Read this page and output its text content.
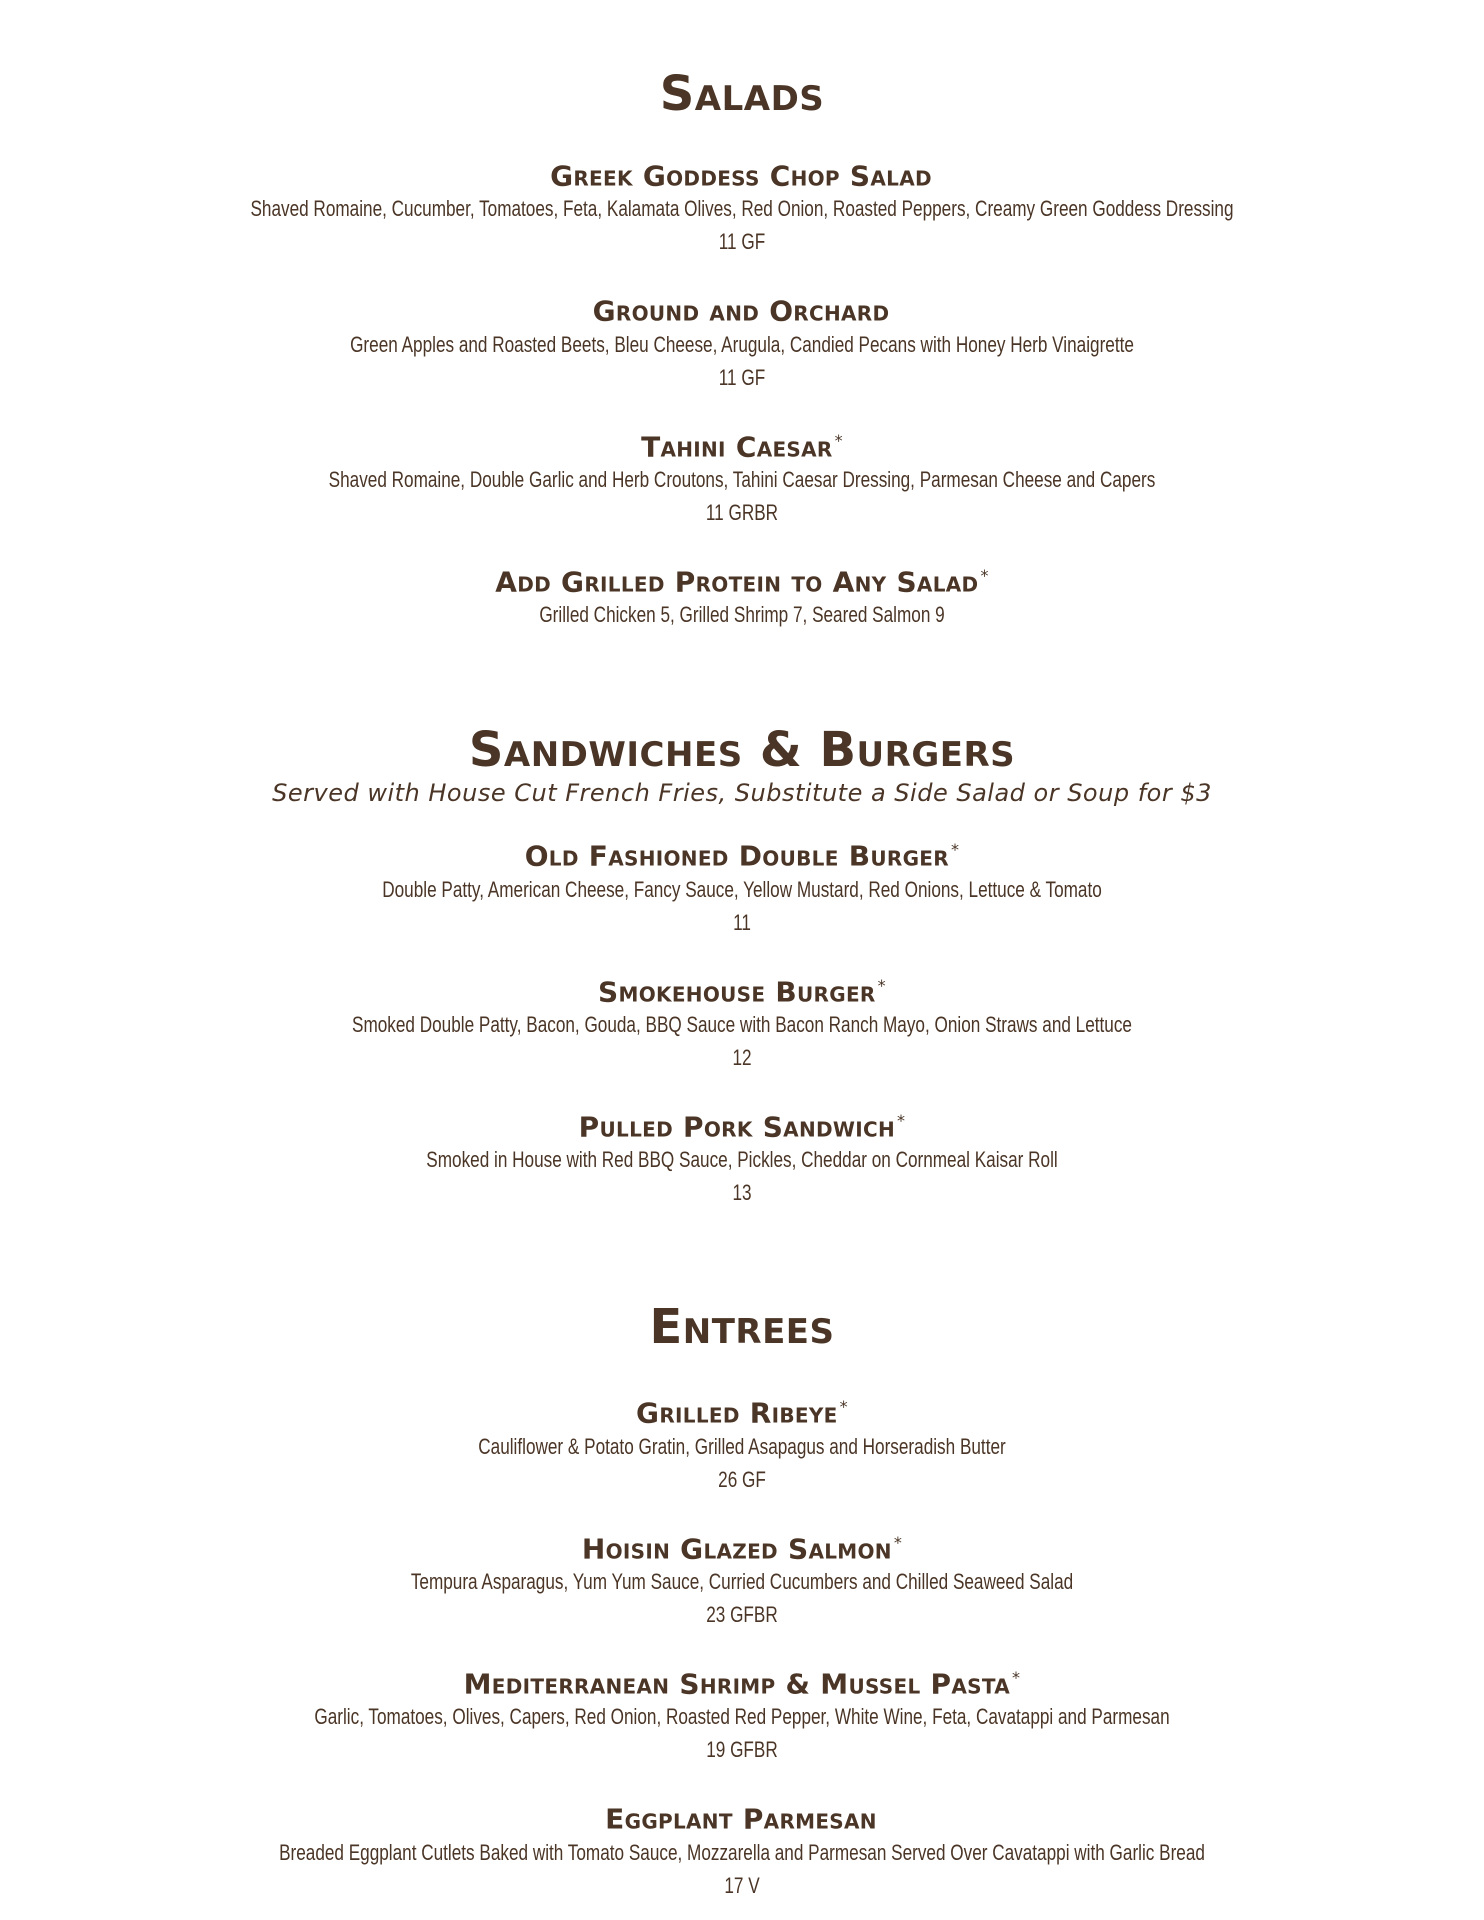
Salads
Greek Goddess Chop Salad

Shaved Romaine, Cucumber, Tomatoes, Feta, Kalamata Olives, Red Onion, Roasted Peppers, Creamy Green Goddess Dressing

11 GF

Ground and Orchard

Green Apples and Roasted Beets, Bleu Cheese, Arugula, Candied Pecans with Honey Herb Vinaigrette

11 GF

Tahini Caesar *

Shaved Romaine, Double Garlic and Herb Croutons, Tahini Caesar Dressing, Parmesan Cheese and Capers

11 GRBR

Add Grilled Protein to Any Salad *

Grilled Chicken 5, Grilled Shrimp 7, Seared Salmon 9

Sandwiches & Burgers

Served with House Cut French Fries, Substitute a Side Salad or Soup for $3

Old Fashioned Double Burger *

Double Patty, American Cheese, Fancy Sauce, Yellow Mustard, Red Onions, Lettuce & Tomato

11

Smokehouse Burger *

Smoked Double Patty, Bacon, Gouda, BBQ Sauce with Bacon Ranch Mayo, Onion Straws and Lettuce

12

Pulled Pork Sandwich *

Smoked in House with Red BBQ Sauce, Pickles, Cheddar on Cornmeal Kaisar Roll

13

Entrees
Grilled Ribeye *

Cauliflower & Potato Gratin, Grilled Asapagus and Horseradish Butter

26 GF

Hoisin Glazed Salmon *

Tempura Asparagus, Yum Yum Sauce, Curried Cucumbers and Chilled Seaweed Salad

23 GFBR

Mediterranean Shrimp & Mussel Pasta *

Garlic, Tomatoes, Olives, Capers, Red Onion, Roasted Red Pepper, White Wine, Feta, Cavatappi and Parmesan

19 GFBR

Eggplant Parmesan

Breaded Eggplant Cutlets Baked with Tomato Sauce, Mozzarella and Parmesan Served Over Cavatappi with Garlic Bread

17 V
